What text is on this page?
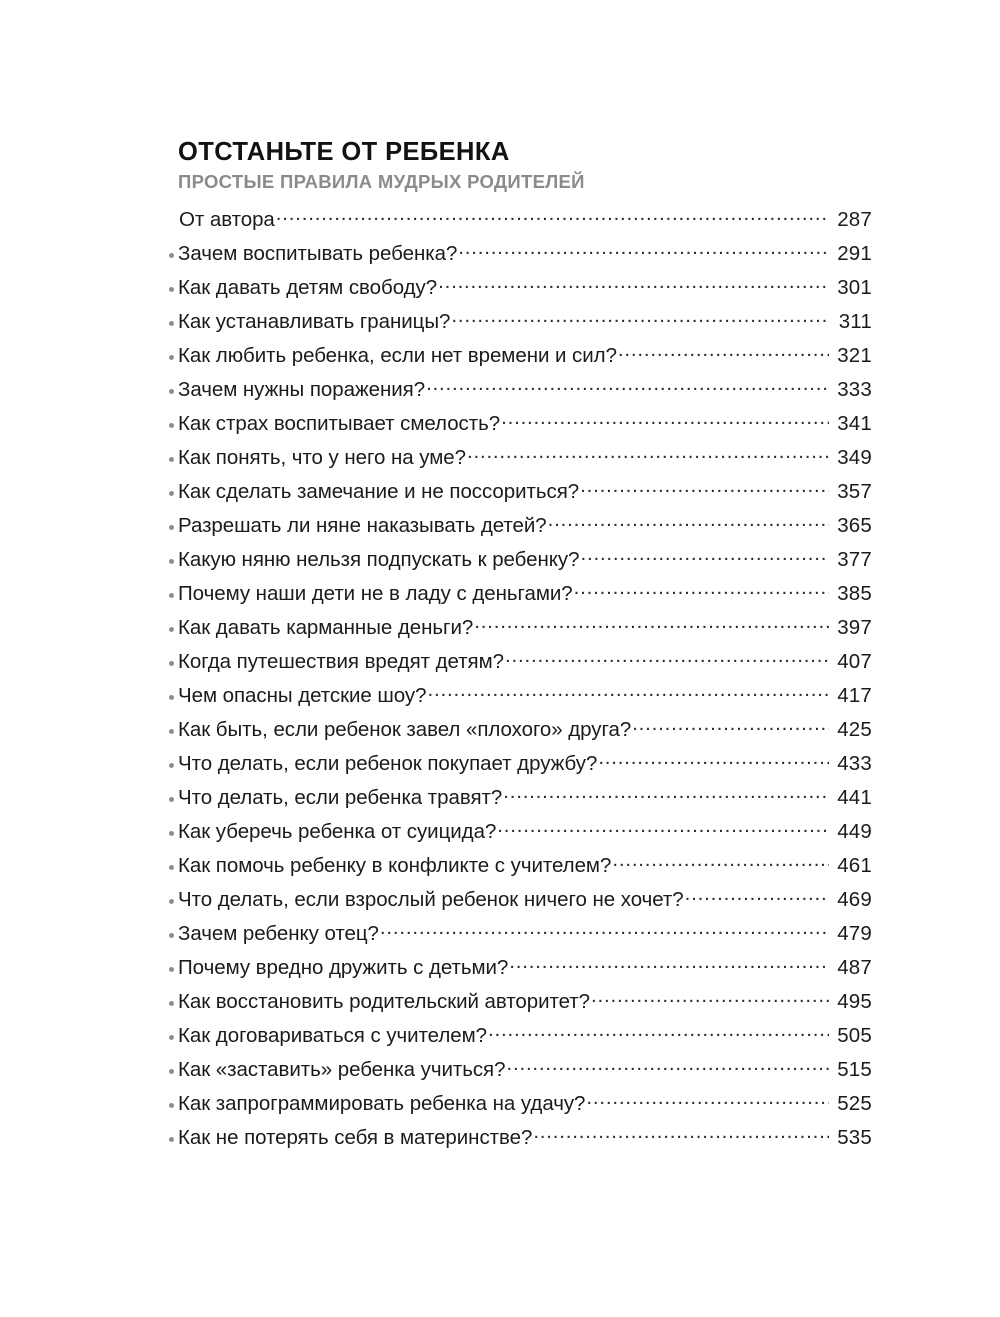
ОТСТАНЬТЕ ОТ РЕБЕНКА
ПРОСТЫЕ ПРАВИЛА МУДРЫХ РОДИТЕЛЕЙ
От автора .....	287
Зачем воспитывать ребенка? .....	291
Как давать детям свободу? .....	301
Как устанавливать границы? .....	311
Как любить ребенка, если нет времени и сил? .....	321
Зачем нужны поражения? .....	333
Как страх воспитывает смелость? .....	341
Как понять, что у него на уме? .....	349
Как сделать замечание и не поссориться? .....	357
Разрешать ли няне наказывать детей? .....	365
Какую няню нельзя подпускать к ребенку? .....	377
Почему наши дети не в ладу с деньгами? .....	385
Как давать карманные деньги? .....	397
Когда путешествия вредят детям? .....	407
Чем опасны детские шоу? .....	417
Как быть, если ребенок завел «плохого» друга? .....	425
Что делать, если ребенок покупает дружбу? .....	433
Что делать, если ребенка травят? .....	441
Как уберечь ребенка от суицида? .....	449
Как помочь ребенку в конфликте с учителем? .....	461
Что делать, если взрослый ребенок ничего не хочет? .....	469
Зачем ребенку отец? .....	479
Почему вредно дружить с детьми? .....	487
Как восстановить родительский авторитет? .....	495
Как договариваться с учителем? .....	505
Как «заставить» ребенка учиться? .....	515
Как запрограммировать ребенка на удачу? .....	525
Как не потерять себя в материнстве? .....	535
